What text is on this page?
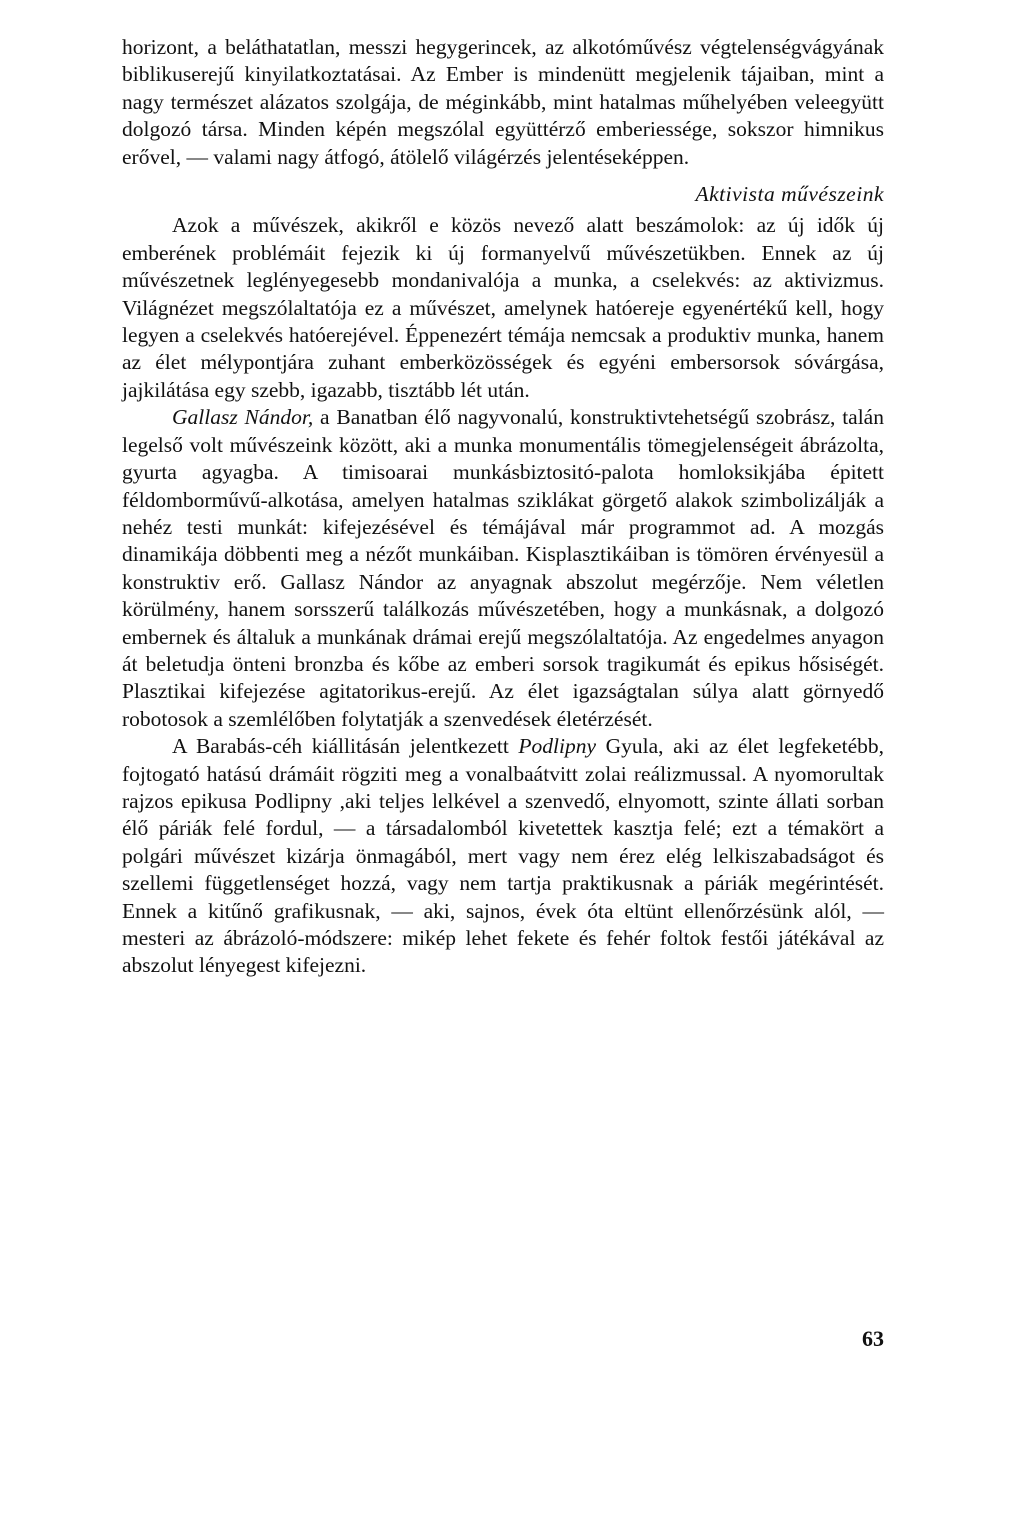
horizont, a beláthatatlan, messzi hegygerincek, az alkotóművész végtelenségvágyának biblikuserejű kinyilatkoztatásai. Az Ember is mindenütt megjelenik tájaiban, mint a nagy természet alázatos szolgája, de méginkább, mint hatalmas műhelyében veleegyütt dolgozó társa. Minden képén megszólal együttérző emberiessége, sokszor himnikus erővel, — valami nagy átfogó, átölelő világérzés jelentéseképpen.

Aktivista művészeink

Azok a művészek, akikről e közös nevező alatt beszámolok: az új idők új emberének problémáit fejezik ki új formanyelvű művészetükben. Ennek az új művészetnek leglényegesebb mondanivalója a munka, a cselekvés: az aktivizmus. Világnézet megszólaltatója ez a művészet, amelynek hatóereje egyenértékű kell, hogy legyen a cselekvés hatóerejével. Éppenezért témája nemcsak a produktiv munka, hanem az élet mélypontjára zuhant emberközösségek és egyéni embersorsok sóvárgása, jajkilátása egy szebb, igazabb, tisztább lét után.

Gallasz Nándor, a Banatban élő nagyvonalú, konstruktivtehetségű szobrász, talán legelső volt művészeink között, aki a munka monumentális tömegjelenségeit ábrázolta, gyurta agyagba. A timisoarai munkásbiztositó-palota homloksikjába épitett féldomborművű-alkotása, amelyen hatalmas sziklákat görgető alakok szimbolizálják a nehéz testi munkát: kifejezésével és témájával már programmot ad. A mozgás dinamikája döbbenti meg a nézőt munkáiban. Kisplasztikáiban is tömören érvényesül a konstruktiv erő. Gallasz Nándor az anyagnak abszolut megérzője. Nem véletlen körülmény, hanem sorsszerű találkozás művészetében, hogy a munkásnak, a dolgozó embernek és általuk a munkának drámai erejű megszólaltatója. Az engedelmes anyagon át beletudja önteni bronzba és kőbe az emberi sorsok tragikumát és epikus hősiségét. Plasztikai kifejezése agitatorikus-erejű. Az élet igazságtalan súlya alatt görnyedő robotosok a szemlélőben folytatják a szenvedések életérzését.

A Barabás-céh kiállitásán jelentkezett Podlipny Gyula, aki az élet legfeketébb, fojtogató hatású drámáit rögziti meg a vonalbaátvitt zolai reálizmussal. A nyomorultak rajzos epikusa Podlipny ,aki teljes lelkével a szenvedő, elnyomott, szinte állati sorban élő páriák felé fordul, — a társadalomból kivetettek kasztja felé; ezt a témakört a polgári művészet kizárja önmagából, mert vagy nem érez elég lelkiszabadságot és szellemi függetlenséget hozzá, vagy nem tartja praktikusnak a páriák megérintését. Ennek a kitűnő grafikusnak, — aki, sajnos, évek óta eltünt ellenőrzésünk alól, — mesteri az ábrázoló-módszere: mikép lehet fekete és fehér foltok festői játékával az abszolut lényegest kifejezni.

63
